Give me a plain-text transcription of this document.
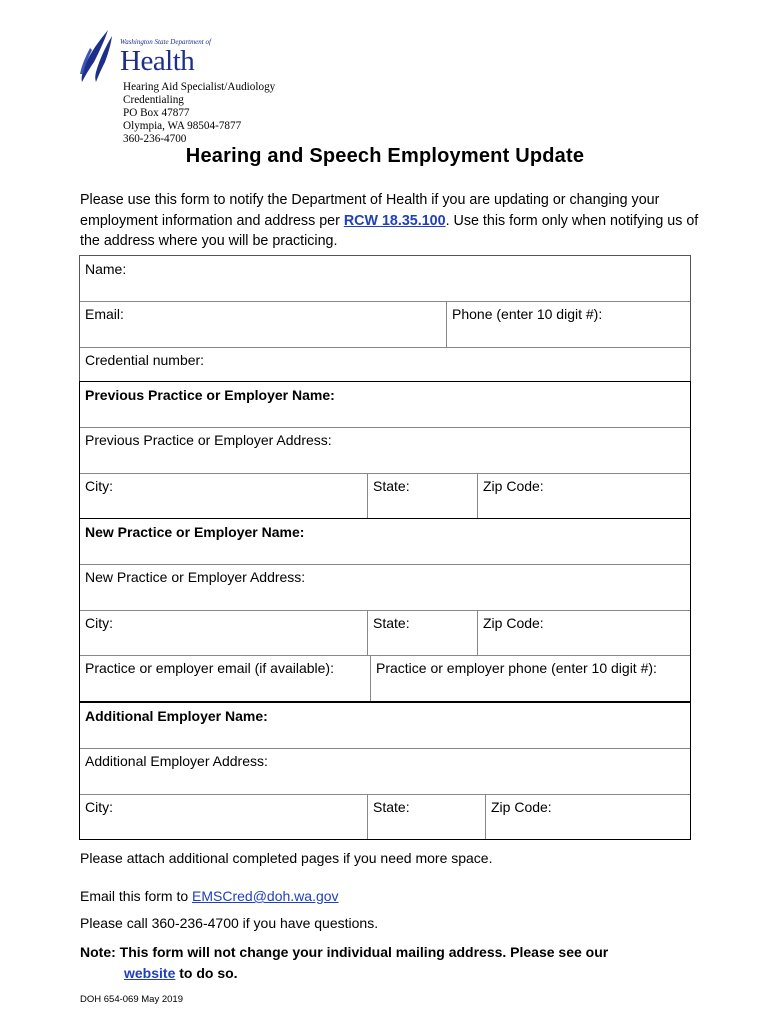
Washington State Department of
Health
Hearing Aid Specialist/Audiology
Credentialing
PO Box 47877
Olympia, WA 98504-7877
360-236-4700
Hearing and Speech Employment Update
Please use this form to notify the Department of Health if you are updating or changing your employment information and address per RCW 18.35.100. Use this form only when notifying us of the address where you will be practicing.
Name:
Email:	Phone (enter 10 digit #):
Credential number:
Previous Practice or Employer Name:
Previous Practice or Employer Address:
City:	State:	Zip Code:
New Practice or Employer Name:
New Practice or Employer Address:
City:	State:	Zip Code:
Practice or employer email (if available):	Practice or employer phone (enter 10 digit #):
Additional Employer Name:
Additional Employer Address:
City:	State:	Zip Code:
Please attach additional completed pages if you need more space.
Email this form to EMSCred@doh.wa.gov
Please call 360-236-4700 if you have questions.
Note: This form will not change your individual mailing address. Please see our
website to do so.
DOH 654-069 May 2019
